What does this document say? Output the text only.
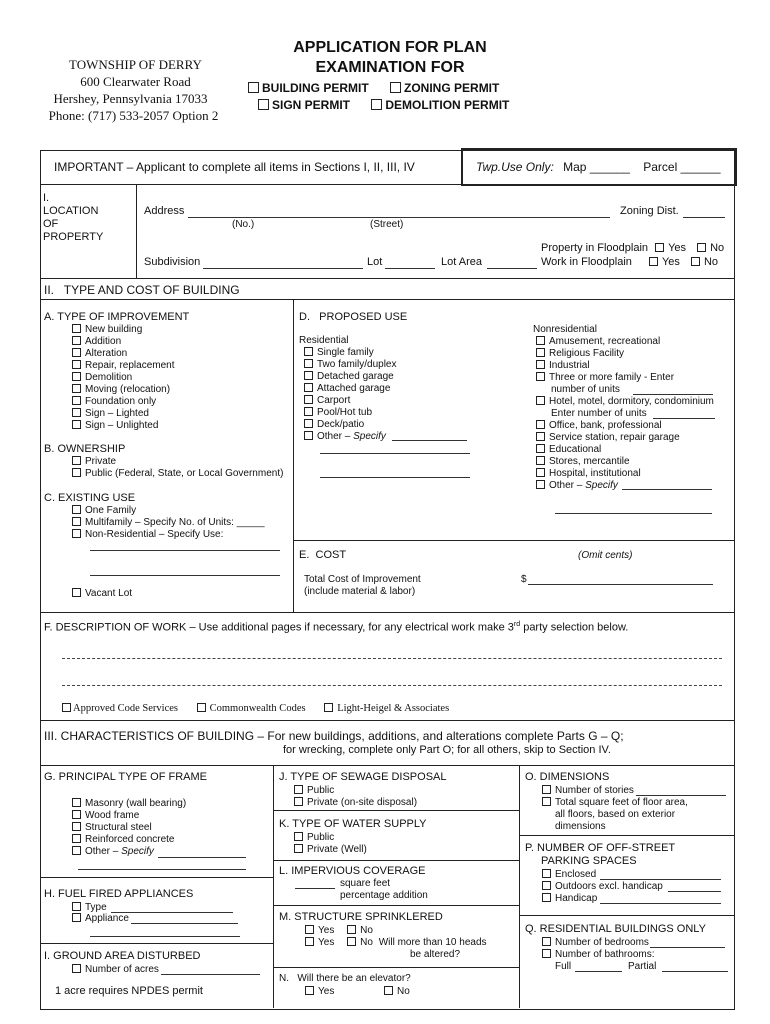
TOWNSHIP OF DERRY
600 Clearwater Road
Hershey, Pennsylvania 17033
Phone: (717) 533-2057 Option 2
APPLICATION FOR PLAN
EXAMINATION FOR
BUILDING PERMIT	ZONING PERMIT
SIGN PERMIT	DEMOLITION PERMIT
IMPORTANT – Applicant to complete all items in Sections I, II, III, IV	Twp.Use Only: Map ______ Parcel ______
I.
LOCATION
OF
PROPERTY
Address
(No.)	(Street)
Zoning Dist.
Property in Floodplain Yes No
Subdivision	Lot	Lot Area	Work in Floodplain	Yes No
II.   TYPE AND COST OF BUILDING
A. TYPE OF IMPROVEMENT
New building
Addition
Alteration
Repair, replacement
Demolition
Moving (relocation)
Foundation only
Sign – Lighted
Sign – Unlighted
B. OWNERSHIP
Private
Public (Federal, State, or Local Government)
C. EXISTING USE
One Family
Multifamily – Specify No. of Units: _____
Non-Residential – Specify Use:
Vacant Lot
D.   PROPOSED USE
Residential
Single family
Two family/duplex
Detached garage
Attached garage
Carport
Pool/Hot tub
Deck/patio
Other – Specify
Nonresidential
Amusement, recreational
Religious Facility
Industrial
Three or more family - Enter
number of units
Hotel, motel, dormitory, condominium
Enter number of units
Office, bank, professional
Service station, repair garage
Educational
Stores, mercantile
Hospital, institutional
Other – Specify
E.  COST	(Omit cents)
Total Cost of Improvement
(include material & labor)
$
F. DESCRIPTION OF WORK – Use additional pages if necessary, for any electrical work make 3rd party selection below.
Approved Code Services	Commonwealth Codes	Light-Heigel & Associates
III. CHARACTERISTICS OF BUILDING – For new buildings, additions, and alterations complete Parts G – Q;
for wrecking, complete only Part O; for all others, skip to Section IV.
G. PRINCIPAL TYPE OF FRAME
Masonry (wall bearing)
Wood frame
Structural steel
Reinforced concrete
Other – Specify
H. FUEL FIRED APPLIANCES
Type
Appliance
I. GROUND AREA DISTURBED
Number of acres
1 acre requires NPDES permit
J. TYPE OF SEWAGE DISPOSAL
Public
Private (on-site disposal)
K. TYPE OF WATER SUPPLY
Public
Private (Well)
L. IMPERVIOUS COVERAGE
square feet
percentage addition
M. STRUCTURE SPRINKLERED
Yes	No
Yes	No Will more than 10 heads
be altered?
N.   Will there be an elevator?
Yes	No
O. DIMENSIONS
Number of stories
Total square feet of floor area,
all floors, based on exterior
dimensions
P. NUMBER OF OFF-STREET
PARKING SPACES
Enclosed
Outdoors excl. handicap
Handicap
Q. RESIDENTIAL BUILDINGS ONLY
Number of bedrooms
Number of bathrooms:
Full	Partial
